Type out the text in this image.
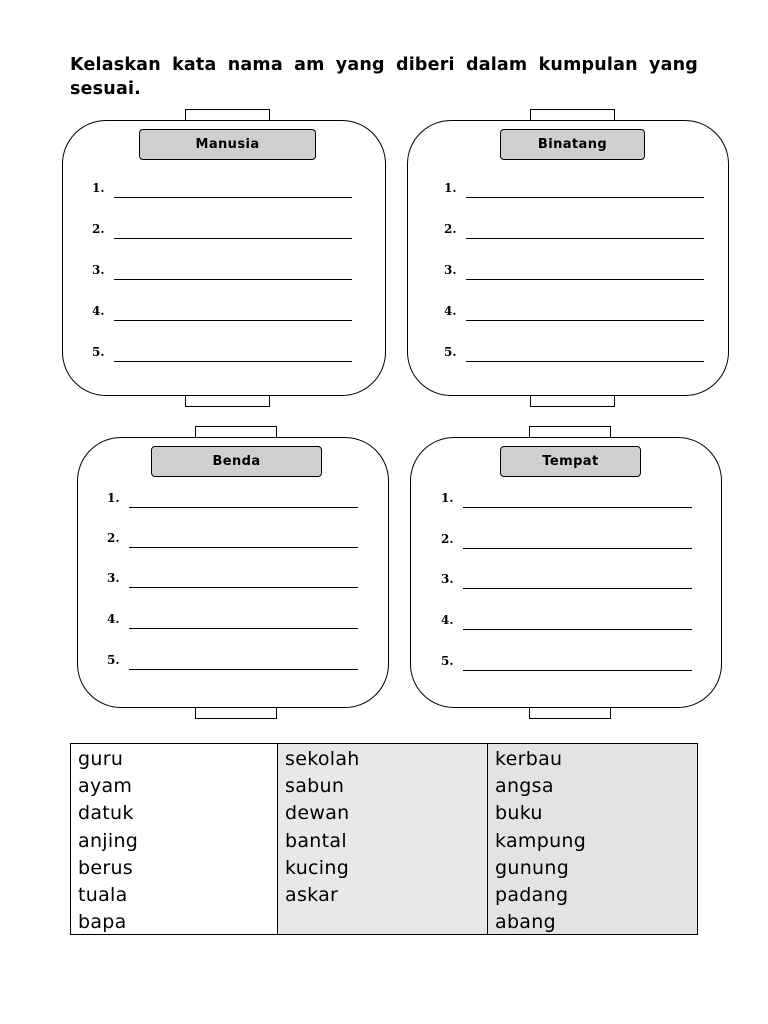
Kelaskan kata nama am yang diberi dalam kumpulan yang sesuai.
Manusia
1.
2.
3.
4.
5.
Binatang
1.
2.
3.
4.
5.
Benda
1.
2.
3.
4.
5.
Tempat
1.
2.
3.
4.
5.
guru
ayam
datuk
anjing
berus
tuala
bapa
sekolah
sabun
dewan
bantal
kucing
askar
kerbau
angsa
buku
kampung
gunung
padang
abang
